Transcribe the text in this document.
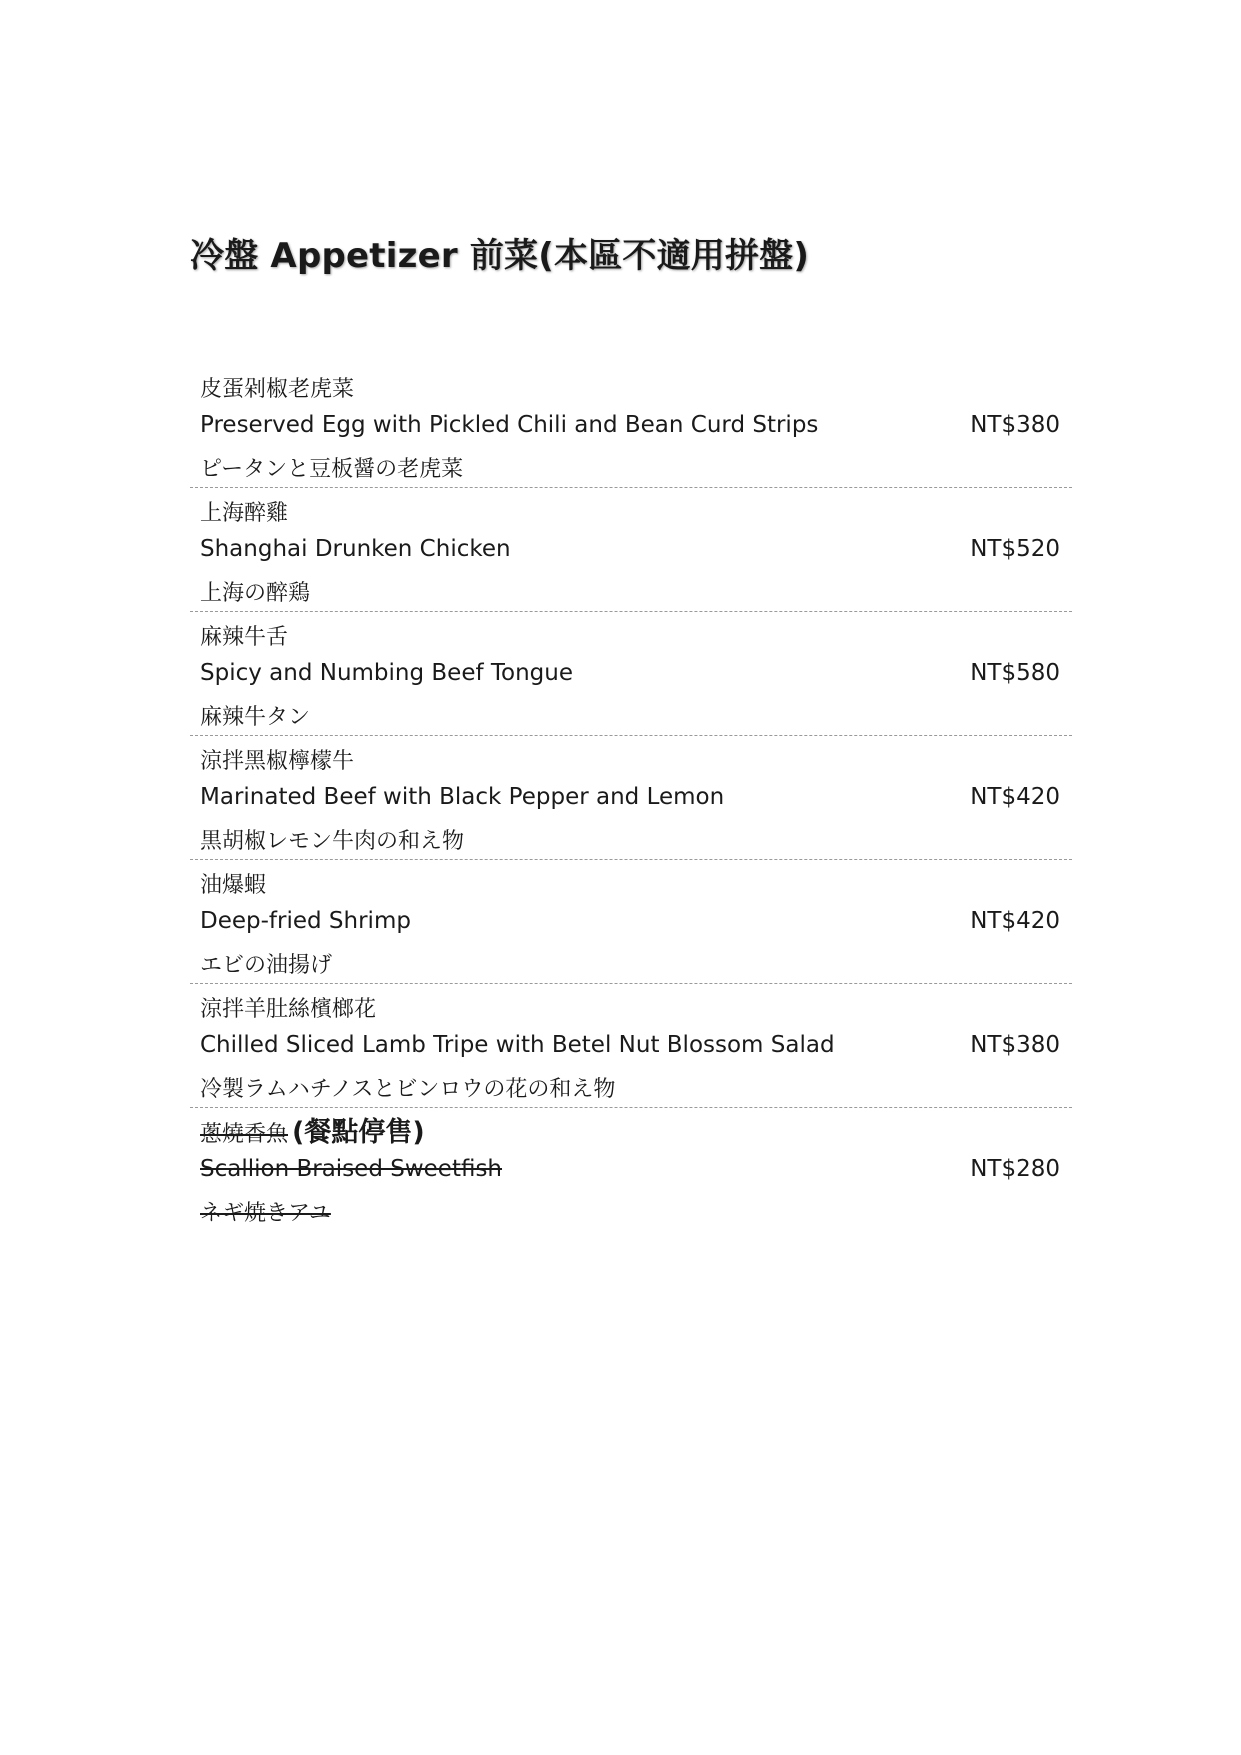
冷盤 Appetizer 前菜(本區不適用拼盤)
皮蛋剁椒老虎菜
Preserved Egg with Pickled Chili and Bean Curd Strips
ピータンと豆板醤の老虎菜
NT$380
上海醉雞
Shanghai Drunken Chicken
上海の醉鶏
NT$520
麻辣牛舌
Spicy and Numbing Beef Tongue
麻辣牛タン
NT$580
涼拌黑椒檸檬牛
Marinated Beef with Black Pepper and Lemon
黒胡椒レモン牛肉の和え物
NT$420
油爆蝦
Deep-fried Shrimp
エビの油揚げ
NT$420
涼拌羊肚絲檳榔花
Chilled Sliced Lamb Tripe with Betel Nut Blossom Salad
冷製ラムハチノスとビンロウの花の和え物
NT$380
蔥燒香魚 (餐點停售)
Scallion Braised Sweetfish
ネギ焼きアユ
NT$280
